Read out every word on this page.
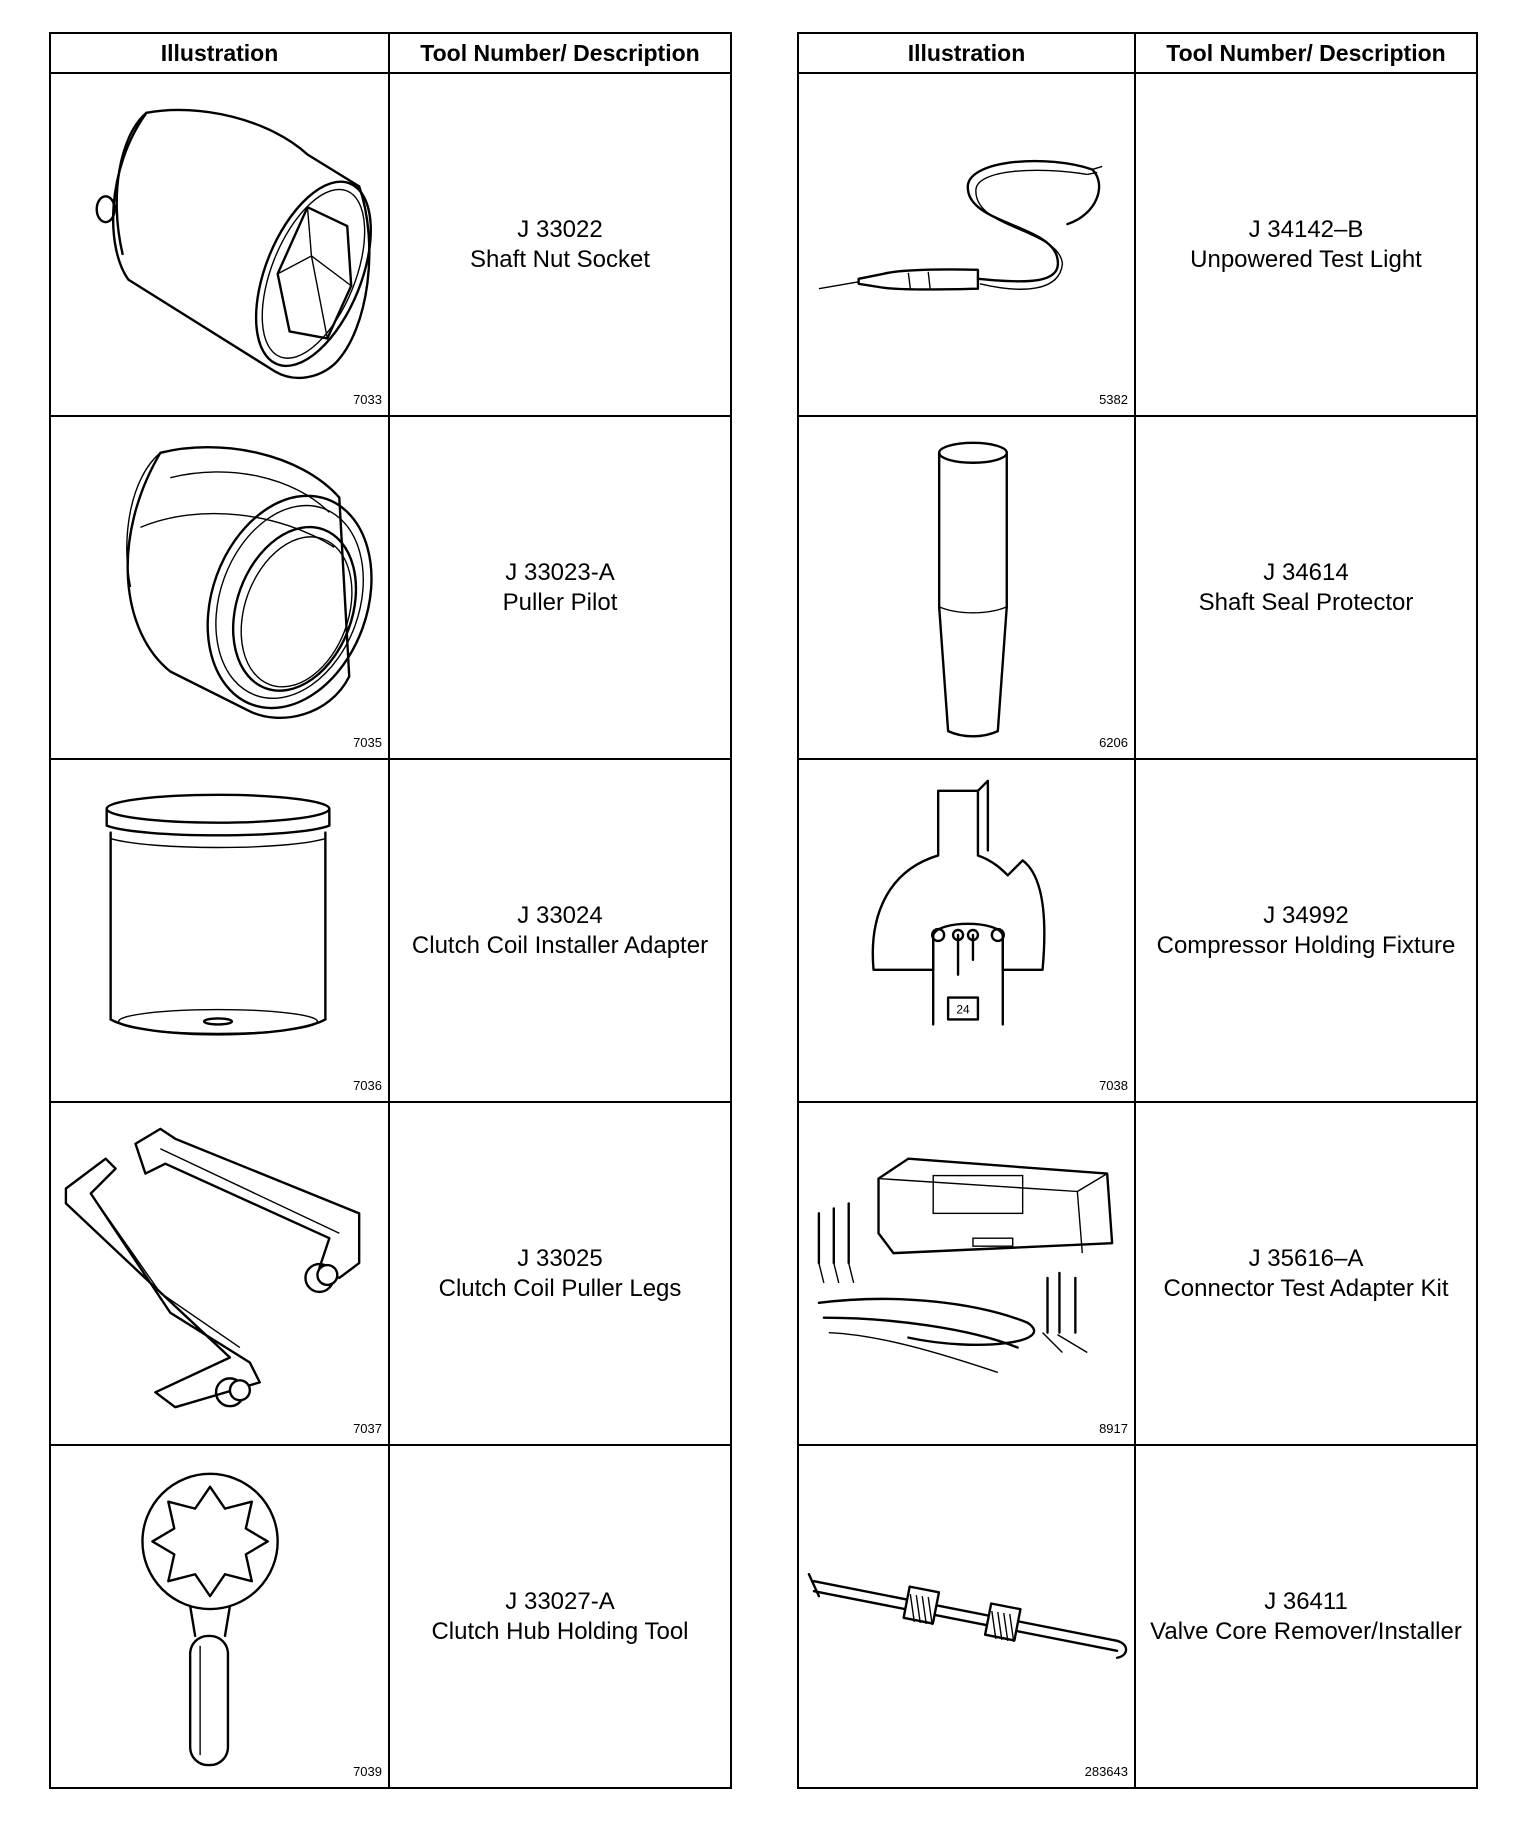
Illustration	Tool Number/ Description

7033	J 33022
Shaft Nut Socket

7035	J 33023-A
Puller Pilot

7036	J 33024
Clutch Coil Installer Adapter

7037	J 33025
Clutch Coil Puller Legs

7039	J 33027-A
Clutch Hub Holding Tool
Illustration	Tool Number/ Description

5382	J 34142–B
Unpowered Test Light

6206	J 34614
Shaft Seal Protector

24
7038	J 34992
Compressor Holding Fixture

8917	J 35616–A
Connector Test Adapter Kit

283643	J 36411
Valve Core Remover/Installer
